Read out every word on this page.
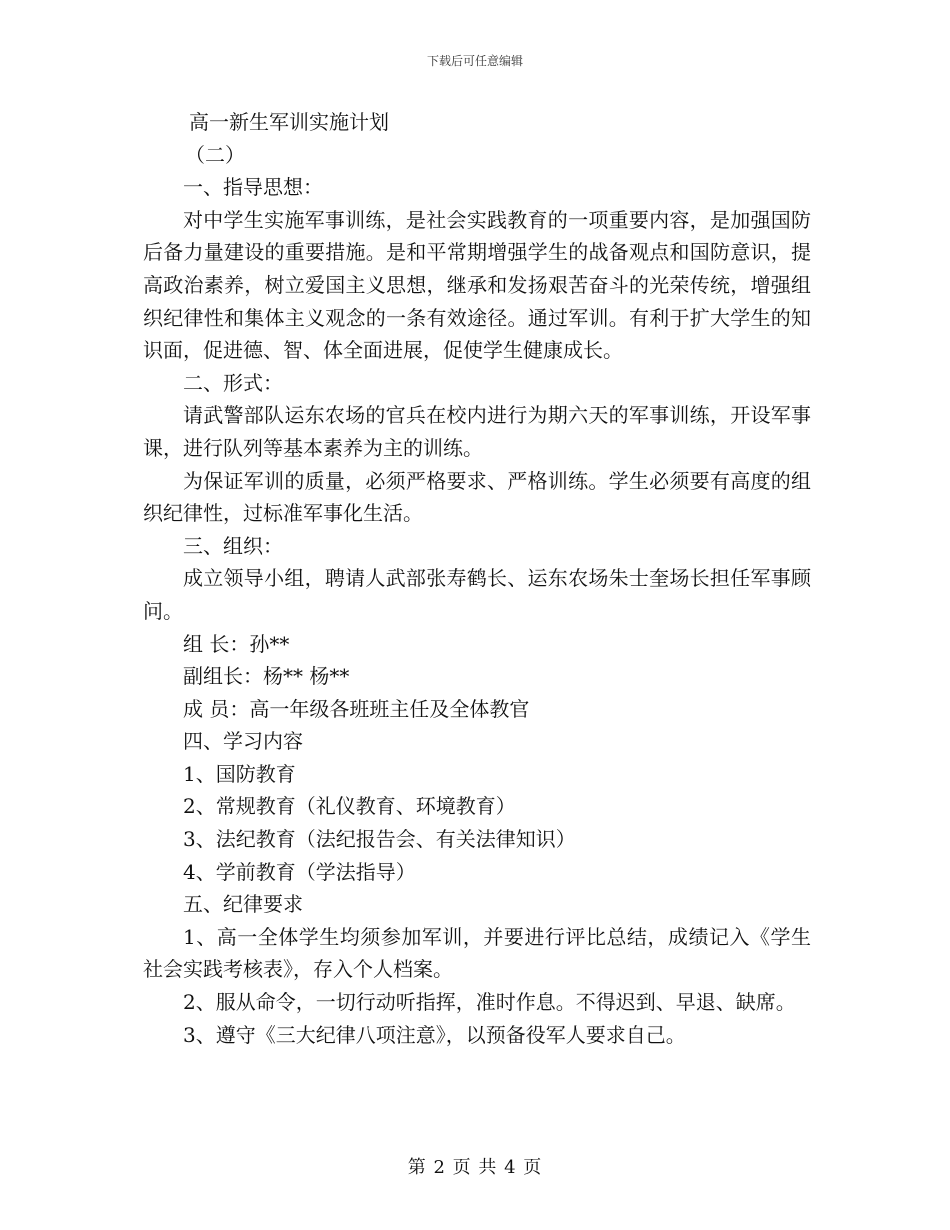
下载后可任意编辑

高一新生军训实施计划

（二）

一、指导思想：

对中学生实施军事训练，是社会实践教育的一项重要内容，是加强国防后备力量建设的重要措施。是和平常期增强学生的战备观点和国防意识，提高政治素养，树立爱国主义思想，继承和发扬艰苦奋斗的光荣传统，增强组织纪律性和集体主义观念的一条有效途径。通过军训。有利于扩大学生的知识面，促进德、智、体全面进展，促使学生健康成长。

二、形式：

请武警部队运东农场的官兵在校内进行为期六天的军事训练，开设军事课，进行队列等基本素养为主的训练。

为保证军训的质量，必须严格要求、严格训练。学生必须要有高度的组织纪律性，过标准军事化生活。

三、组织：

成立领导小组，聘请人武部张寿鹤长、运东农场朱士奎场长担任军事顾问。

组 长：孙**

副组长：杨** 杨**

成 员：高一年级各班班主任及全体教官

四、学习内容

1、国防教育

2、常规教育（礼仪教育、环境教育）

3、法纪教育（法纪报告会、有关法律知识）

4、学前教育（学法指导）

五、纪律要求

1、高一全体学生均须参加军训，并要进行评比总结，成绩记入《学生社会实践考核表》，存入个人档案。

2、服从命令，一切行动听指挥，准时作息。不得迟到、早退、缺席。

3、遵守《三大纪律八项注意》，以预备役军人要求自己。

第 2 页 共 4 页
